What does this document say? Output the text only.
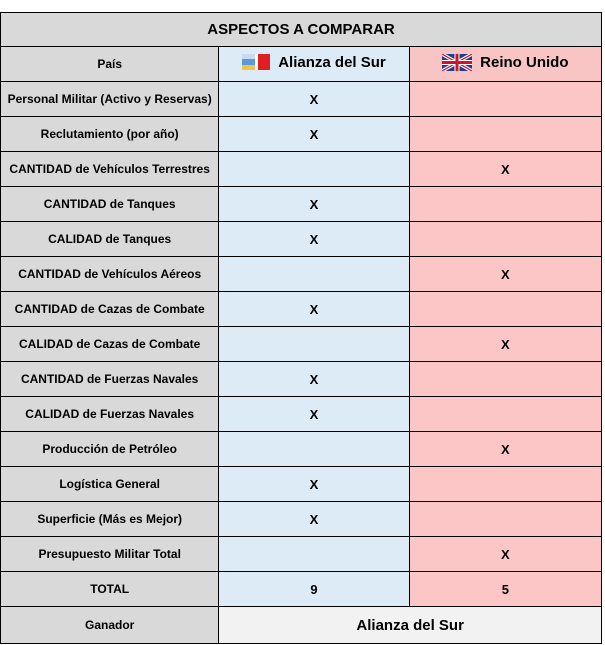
ASPECTOS A COMPARAR		
País	Alianza del Sur	Reino Unido

Personal Militar (Activo y Reservas)	X	
Reclutamiento (por año)	X	
CANTIDAD de Vehículos Terrestres		X
CANTIDAD de Tanques	X	
CALIDAD de Tanques	X	
CANTIDAD de Vehículos Aéreos		X
CANTIDAD de Cazas de Combate	X	
CALIDAD de Cazas de Combate		X
CANTIDAD de Fuerzas Navales	X	
CALIDAD de Fuerzas Navales	X	
Producción de Petróleo		X
Logística General	X	
Superficie (Más es Mejor)	X	
Presupuesto Militar Total		X
TOTAL	9	5
Ganador	Alianza del Sur	
